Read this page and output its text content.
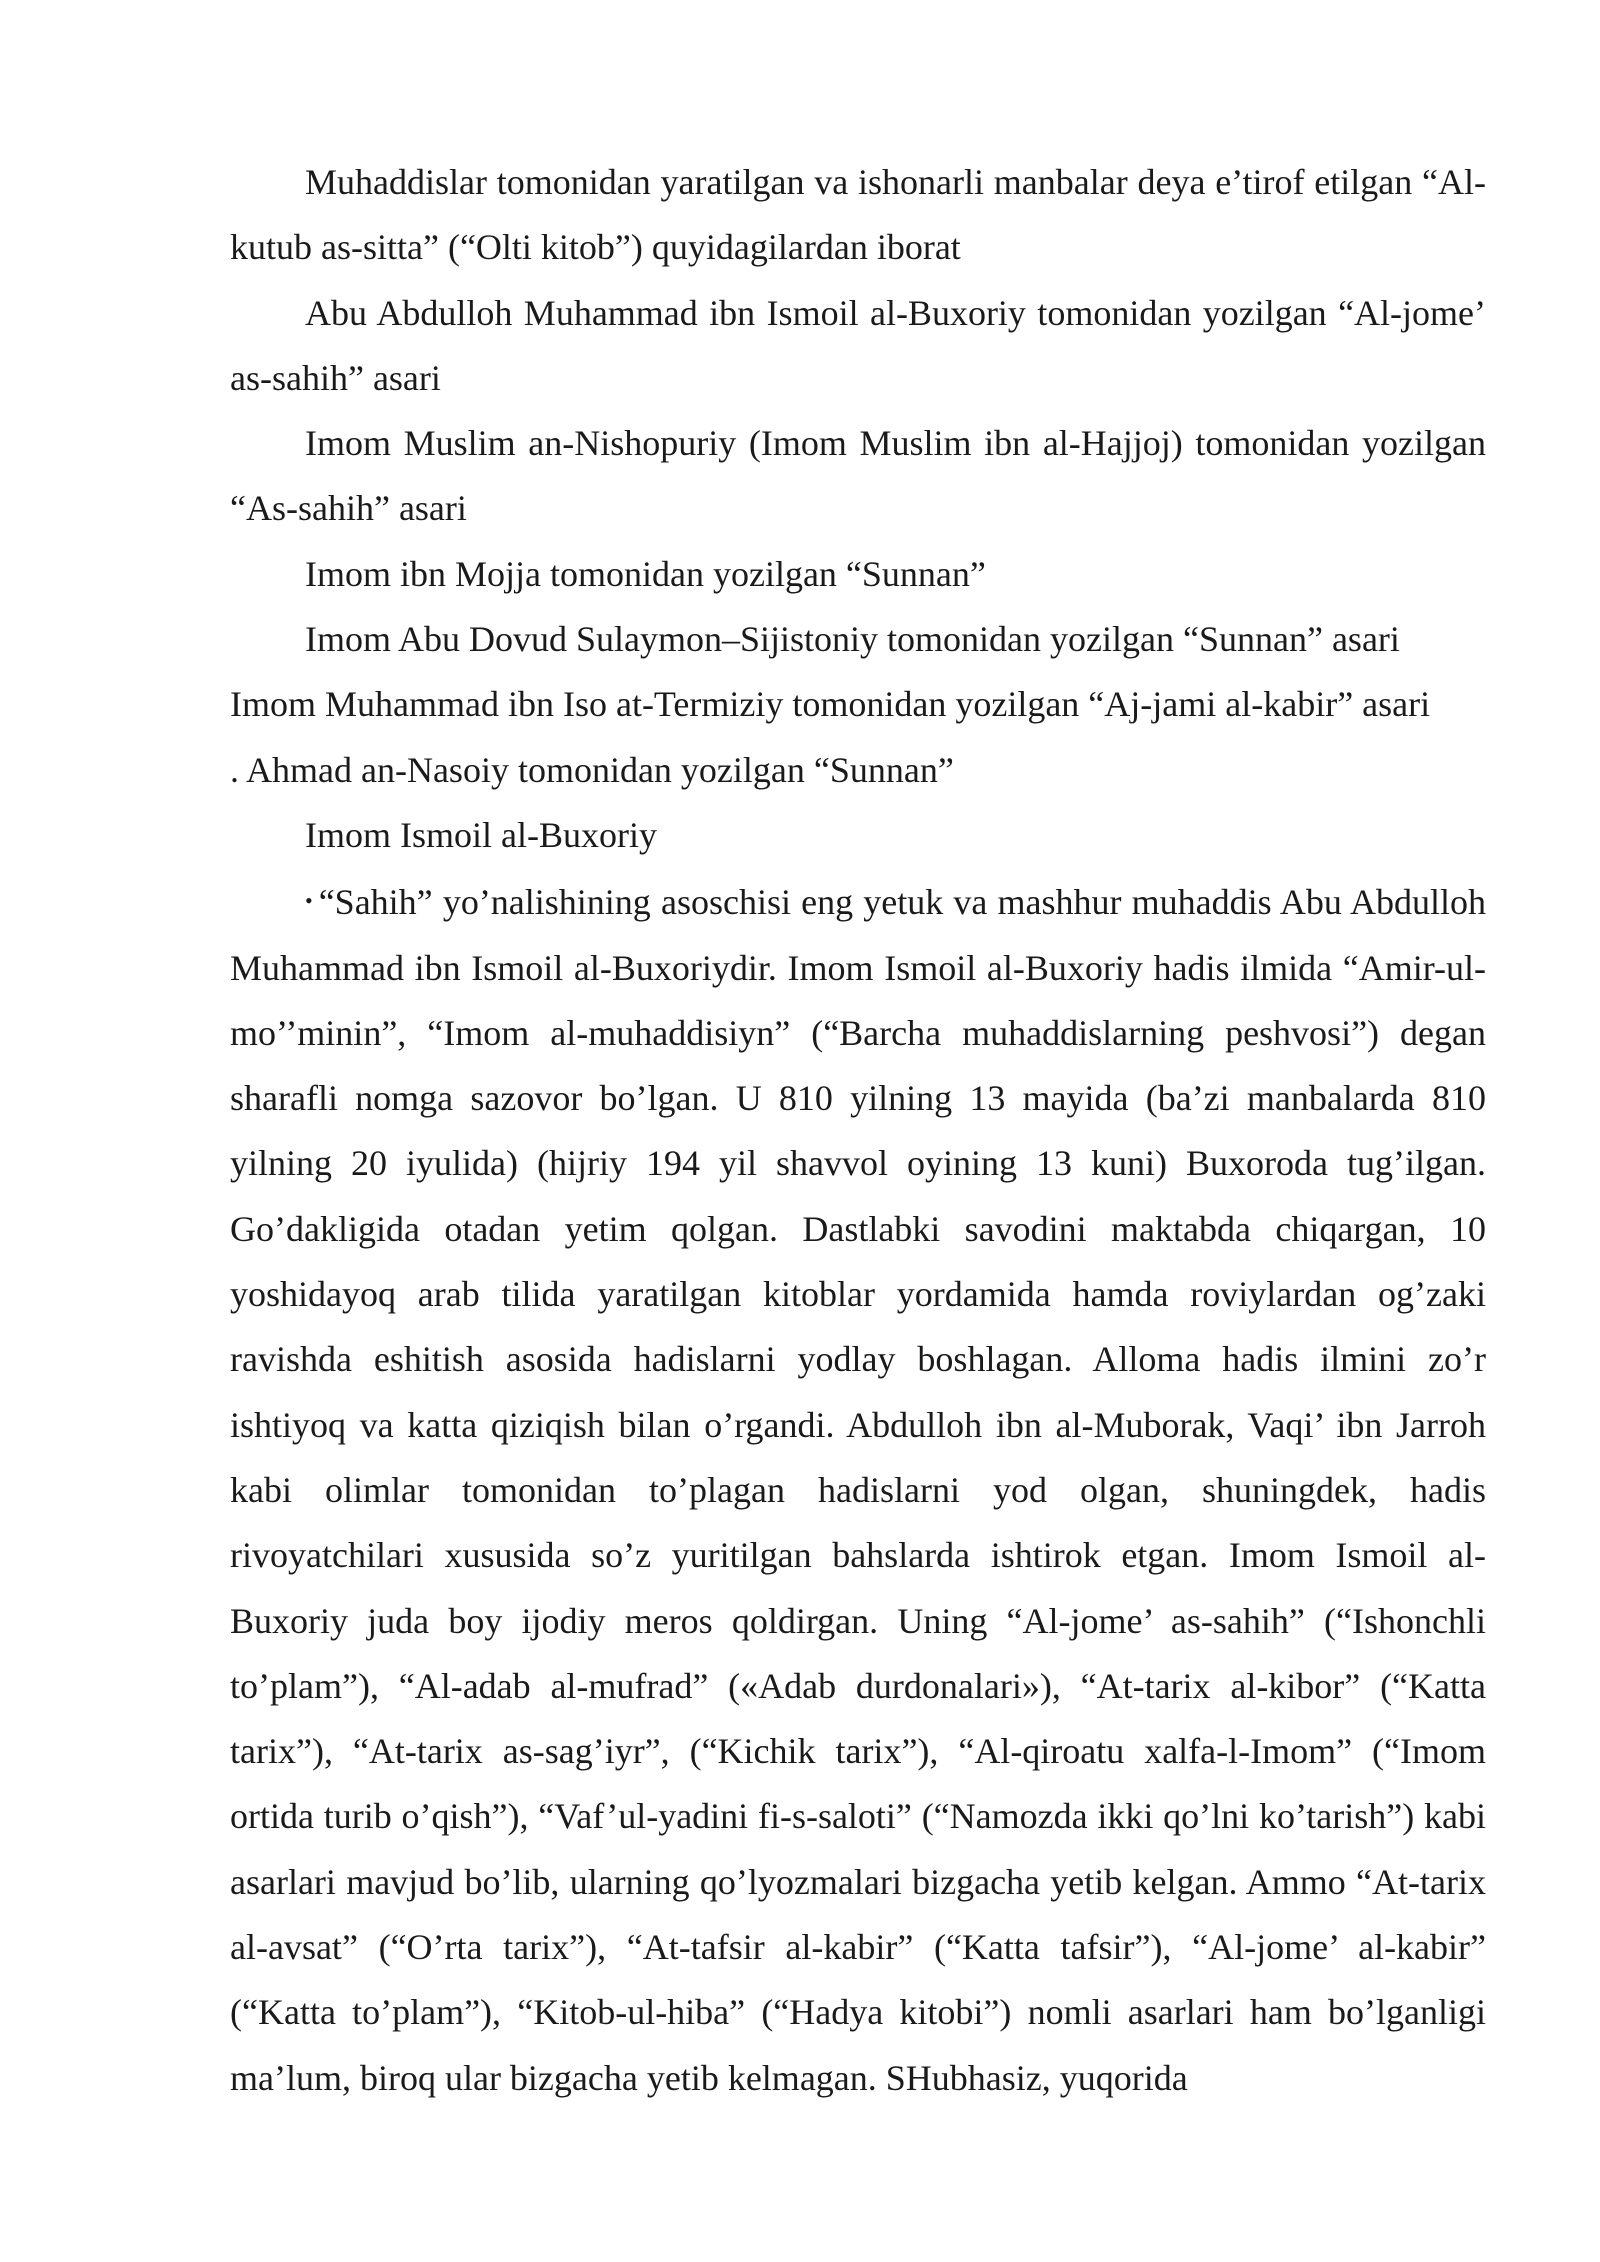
Muhaddislar tomonidan yaratilgan va ishonarli manbalar deya e’tirof etilgan “Al-kutub as-sitta” (“Olti kitob”) quyidagilardan iborat

Abu Abdulloh Muhammad ibn Ismoil al-Buxoriy tomonidan yozilgan “Al-jome’ as-sahih” asari

Imom Muslim an-Nishopuriy (Imom Muslim ibn al-Hajjoj) tomonidan yozilgan “As-sahih” asari

Imom ibn Mojja tomonidan yozilgan “Sunnan”

Imom Abu Dovud Sulaymon–Sijistoniy tomonidan yozilgan “Sunnan” asari

Imom Muhammad ibn Iso at-Termiziy tomonidan yozilgan “Aj-jami al-kabir” asari

. Ahmad an-Nasoiy tomonidan yozilgan “Sunnan”

Imom Ismoil al-Buxoriy

• “Sahih” yo’nalishining asoschisi eng yetuk va mashhur muhaddis Abu Abdulloh Muhammad ibn Ismoil al-Buxoriydir. Imom Ismoil al-Buxoriy hadis ilmida “Amir-ul-mo’’minin”, “Imom al-muhaddisiyn” (“Barcha muhaddislarning peshvosi”) degan sharafli nomga sazovor bo’lgan. U 810 yilning 13 mayida (ba’zi manbalarda 810 yilning 20 iyulida) (hijriy 194 yil shavvol oyining 13 kuni) Buxoroda tug’ilgan. Go’dakligida otadan yetim qolgan. Dastlabki savodini maktabda chiqargan, 10 yoshidayoq arab tilida yaratilgan kitoblar yordamida hamda roviylardan og’zaki ravishda eshitish asosida hadislarni yodlay boshlagan. Alloma hadis ilmini zo’r ishtiyoq va katta qiziqish bilan o’rgandi. Abdulloh ibn al-Muborak, Vaqi’ ibn Jarroh kabi olimlar tomonidan to’plagan hadislarni yod olgan, shuningdek, hadis rivoyatchilari xususida so’z yuritilgan bahslarda ishtirok etgan. Imom Ismoil al-Buxoriy juda boy ijodiy meros qoldirgan. Uning “Al-jome’ as-sahih” (“Ishonchli to’plam”), “Al-adab al-mufrad” («Adab durdonalari»), “At-tarix al-kibor” (“Katta tarix”), “At-tarix as-sag’iyr”, (“Kichik tarix”), “Al-qiroatu xalfa-l-Imom” (“Imom ortida turib o’qish”), “Vaf’ul-yadini fi-s-saloti” (“Namozda ikki qo’lni ko’tarish”) kabi asarlari mavjud bo’lib, ularning qo’lyozmalari bizgacha yetib kelgan. Ammo “At-tarix al-avsat” (“O’rta tarix”), “At-tafsir al-kabir” (“Katta tafsir”), “Al-jome’ al-kabir” (“Katta to’plam”), “Kitob-ul-hiba” (“Hadya kitobi”) nomli asarlari ham bo’lganligi ma’lum, biroq ular bizgacha yetib kelmagan. SHubhasiz, yuqorida
